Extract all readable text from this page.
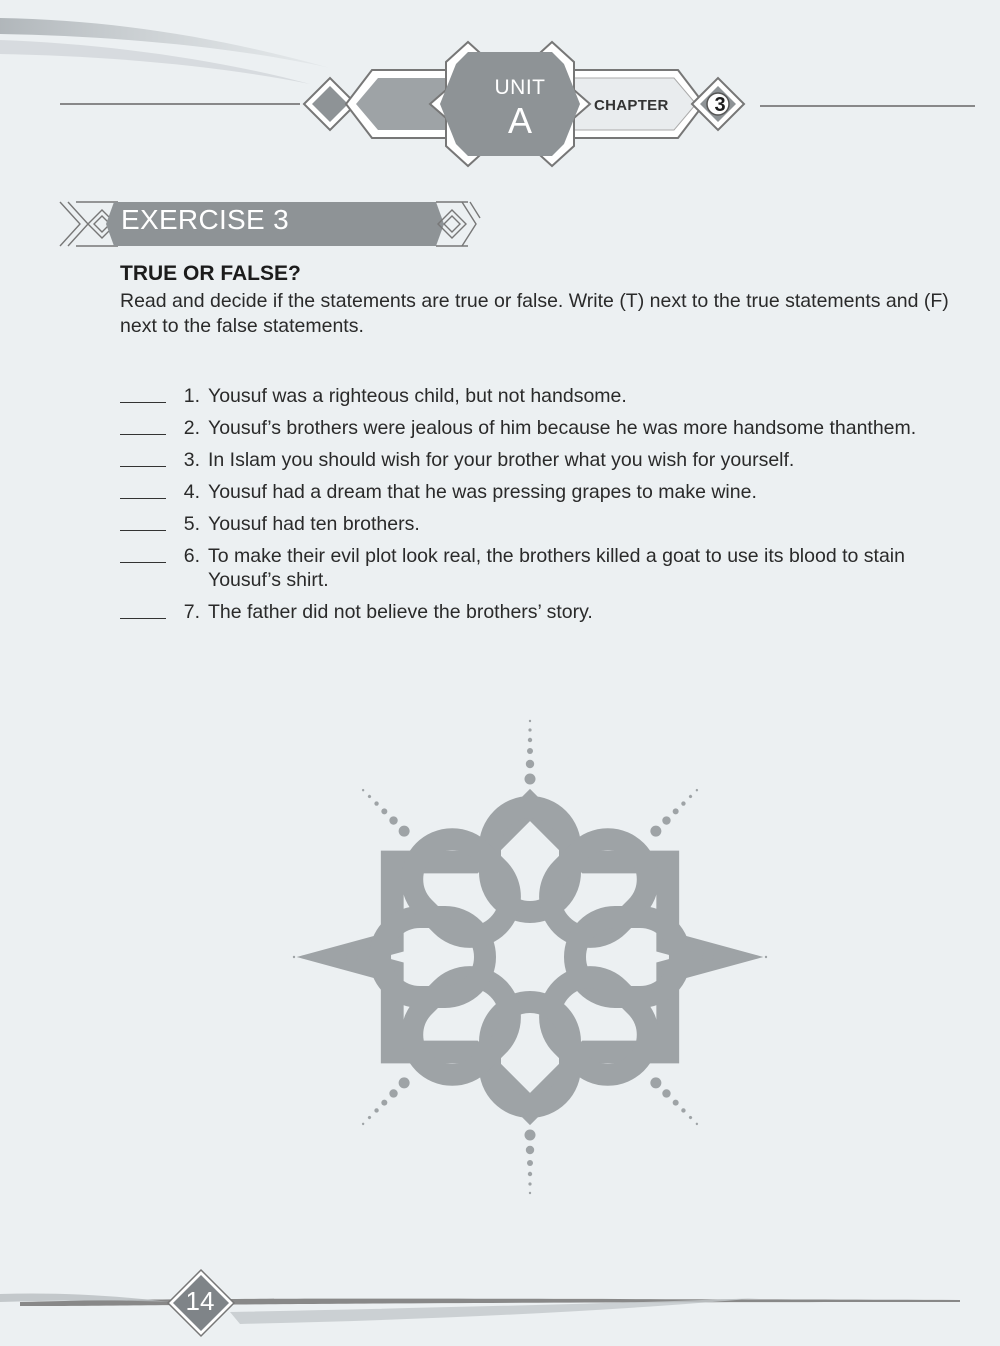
UNIT
A	CHAPTER	3
EXERCISE 3
TRUE OR FALSE?
Read and decide if the statements are true or false. Write (T) next to the true statements and (F) next to the false statements.
1. Yousuf was a righteous child, but not handsome.
2. Yousuf’s brothers were jealous of him because he was more handsome thanthem.
3. In Islam you should wish for your brother what you wish for yourself.
4. Yousuf had a dream that he was pressing grapes to make wine.
5. Yousuf had ten brothers.
6. To make their evil plot look real, the brothers killed a goat to use its blood to stain Yousuf’s shirt.
7. The father did not believe the brothers’ story.
14
